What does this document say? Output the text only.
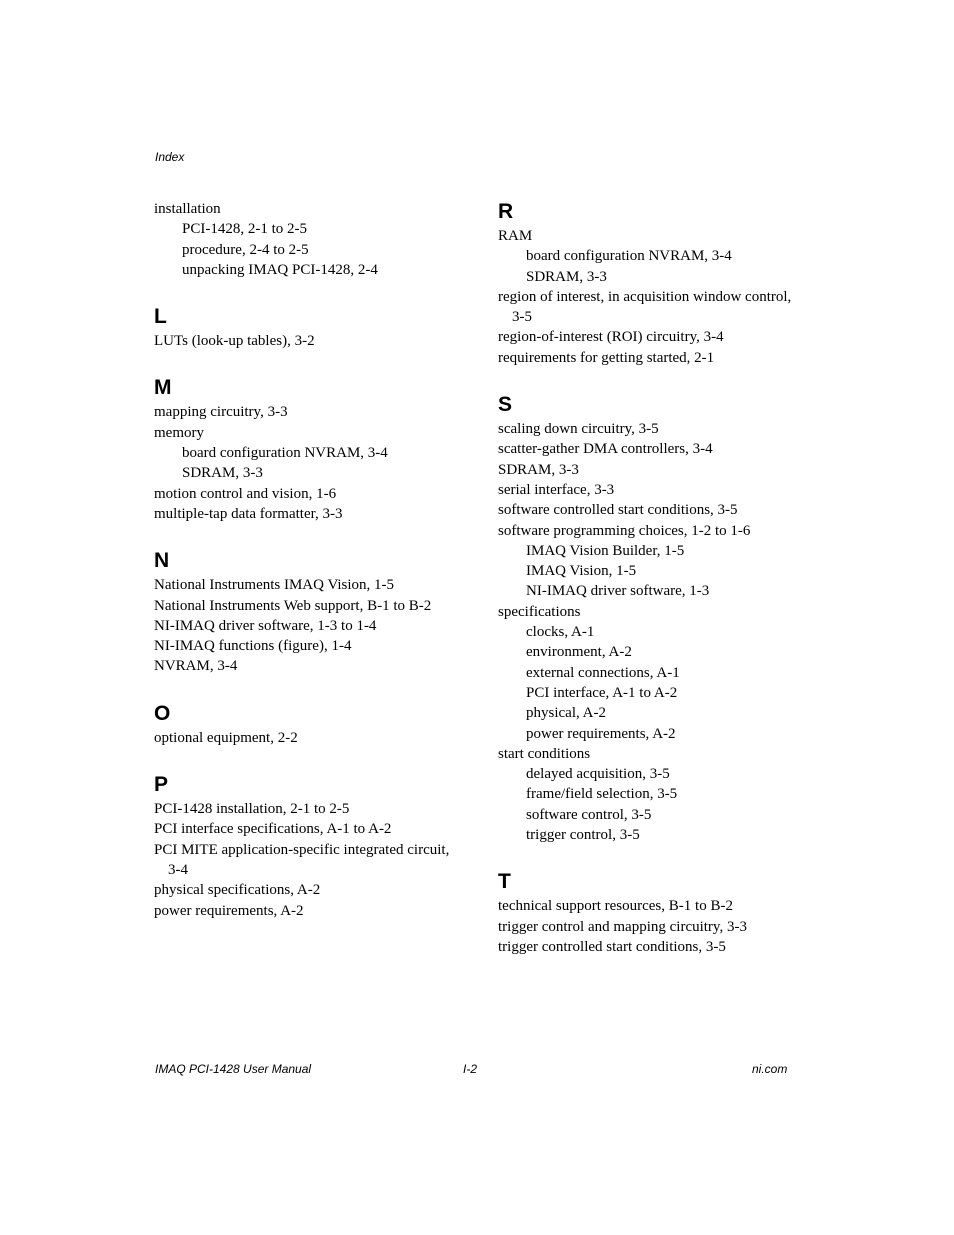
Index
installation
PCI-1428, 2-1 to 2-5
procedure, 2-4 to 2-5
unpacking IMAQ PCI-1428, 2-4
L
LUTs (look-up tables), 3-2
M
mapping circuitry, 3-3
memory
board configuration NVRAM, 3-4
SDRAM, 3-3
motion control and vision, 1-6
multiple-tap data formatter, 3-3
N
National Instruments IMAQ Vision, 1-5
National Instruments Web support, B-1 to B-2
NI-IMAQ driver software, 1-3 to 1-4
NI-IMAQ functions (figure), 1-4
NVRAM, 3-4
O
optional equipment, 2-2
P
PCI-1428 installation, 2-1 to 2-5
PCI interface specifications, A-1 to A-2
PCI MITE application-specific integrated circuit, 3-4
physical specifications, A-2
power requirements, A-2
R
RAM
board configuration NVRAM, 3-4
SDRAM, 3-3
region of interest, in acquisition window control, 3-5
region-of-interest (ROI) circuitry, 3-4
requirements for getting started, 2-1
S
scaling down circuitry, 3-5
scatter-gather DMA controllers, 3-4
SDRAM, 3-3
serial interface, 3-3
software controlled start conditions, 3-5
software programming choices, 1-2 to 1-6
IMAQ Vision Builder, 1-5
IMAQ Vision, 1-5
NI-IMAQ driver software, 1-3
specifications
clocks, A-1
environment, A-2
external connections, A-1
PCI interface, A-1 to A-2
physical, A-2
power requirements, A-2
start conditions
delayed acquisition, 3-5
frame/field selection, 3-5
software control, 3-5
trigger control, 3-5
T
technical support resources, B-1 to B-2
trigger control and mapping circuitry, 3-3
trigger controlled start conditions, 3-5
IMAQ PCI-1428 User Manual	I-2	ni.com
